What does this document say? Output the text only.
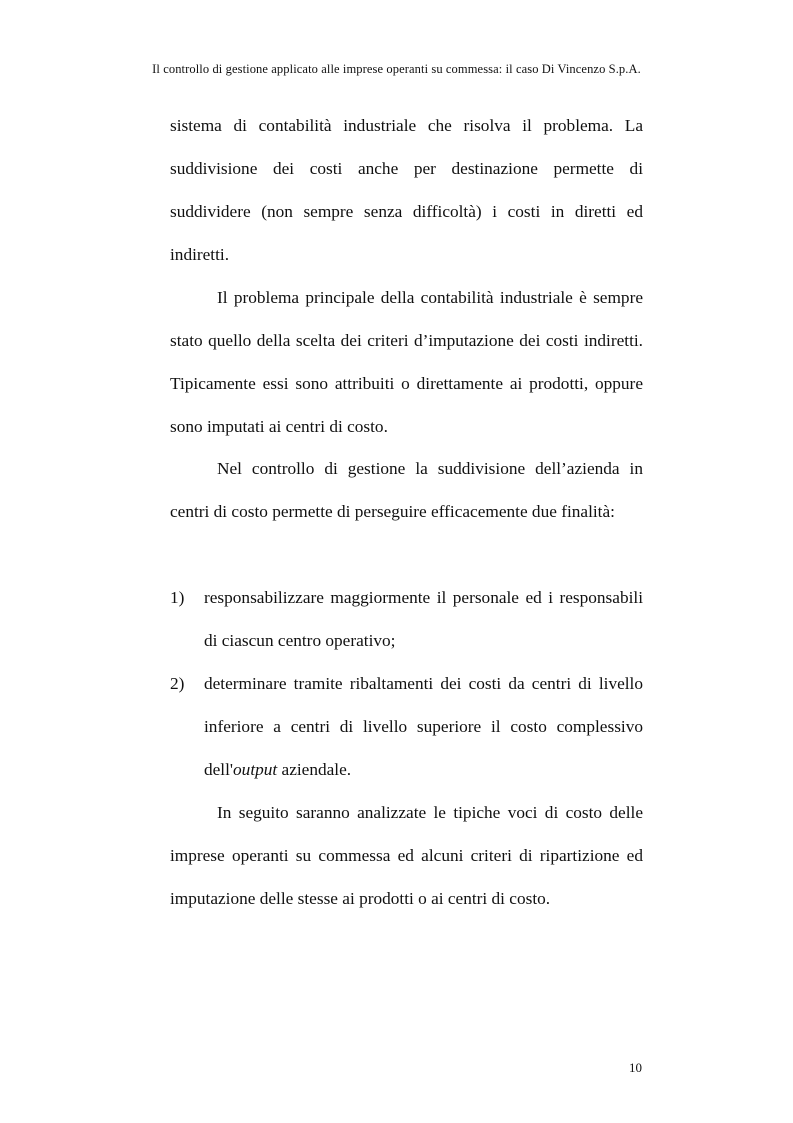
Il controllo di gestione applicato alle imprese operanti su commessa: il caso Di Vincenzo S.p.A.

sistema di contabilità industriale che risolva il problema. La suddivisione dei costi anche per destinazione permette di suddividere (non sempre senza difficoltà) i costi in diretti ed indiretti.

Il problema principale della contabilità industriale è sempre stato quello della scelta dei criteri d’imputazione dei costi indiretti. Tipicamente essi sono attribuiti o direttamente ai prodotti, oppure sono imputati ai centri di costo.

Nel controllo di gestione la suddivisione dell’azienda in centri di costo permette di perseguire efficacemente due finalità:

1) responsabilizzare maggiormente il personale ed i responsabili di ciascun centro operativo;
2) determinare tramite ribaltamenti dei costi da centri di livello inferiore a centri di livello superiore il costo complessivo dell'output aziendale.

In seguito saranno analizzate le tipiche voci di costo delle imprese operanti su commessa ed alcuni criteri di ripartizione ed imputazione delle stesse ai prodotti o ai centri di costo.

10
